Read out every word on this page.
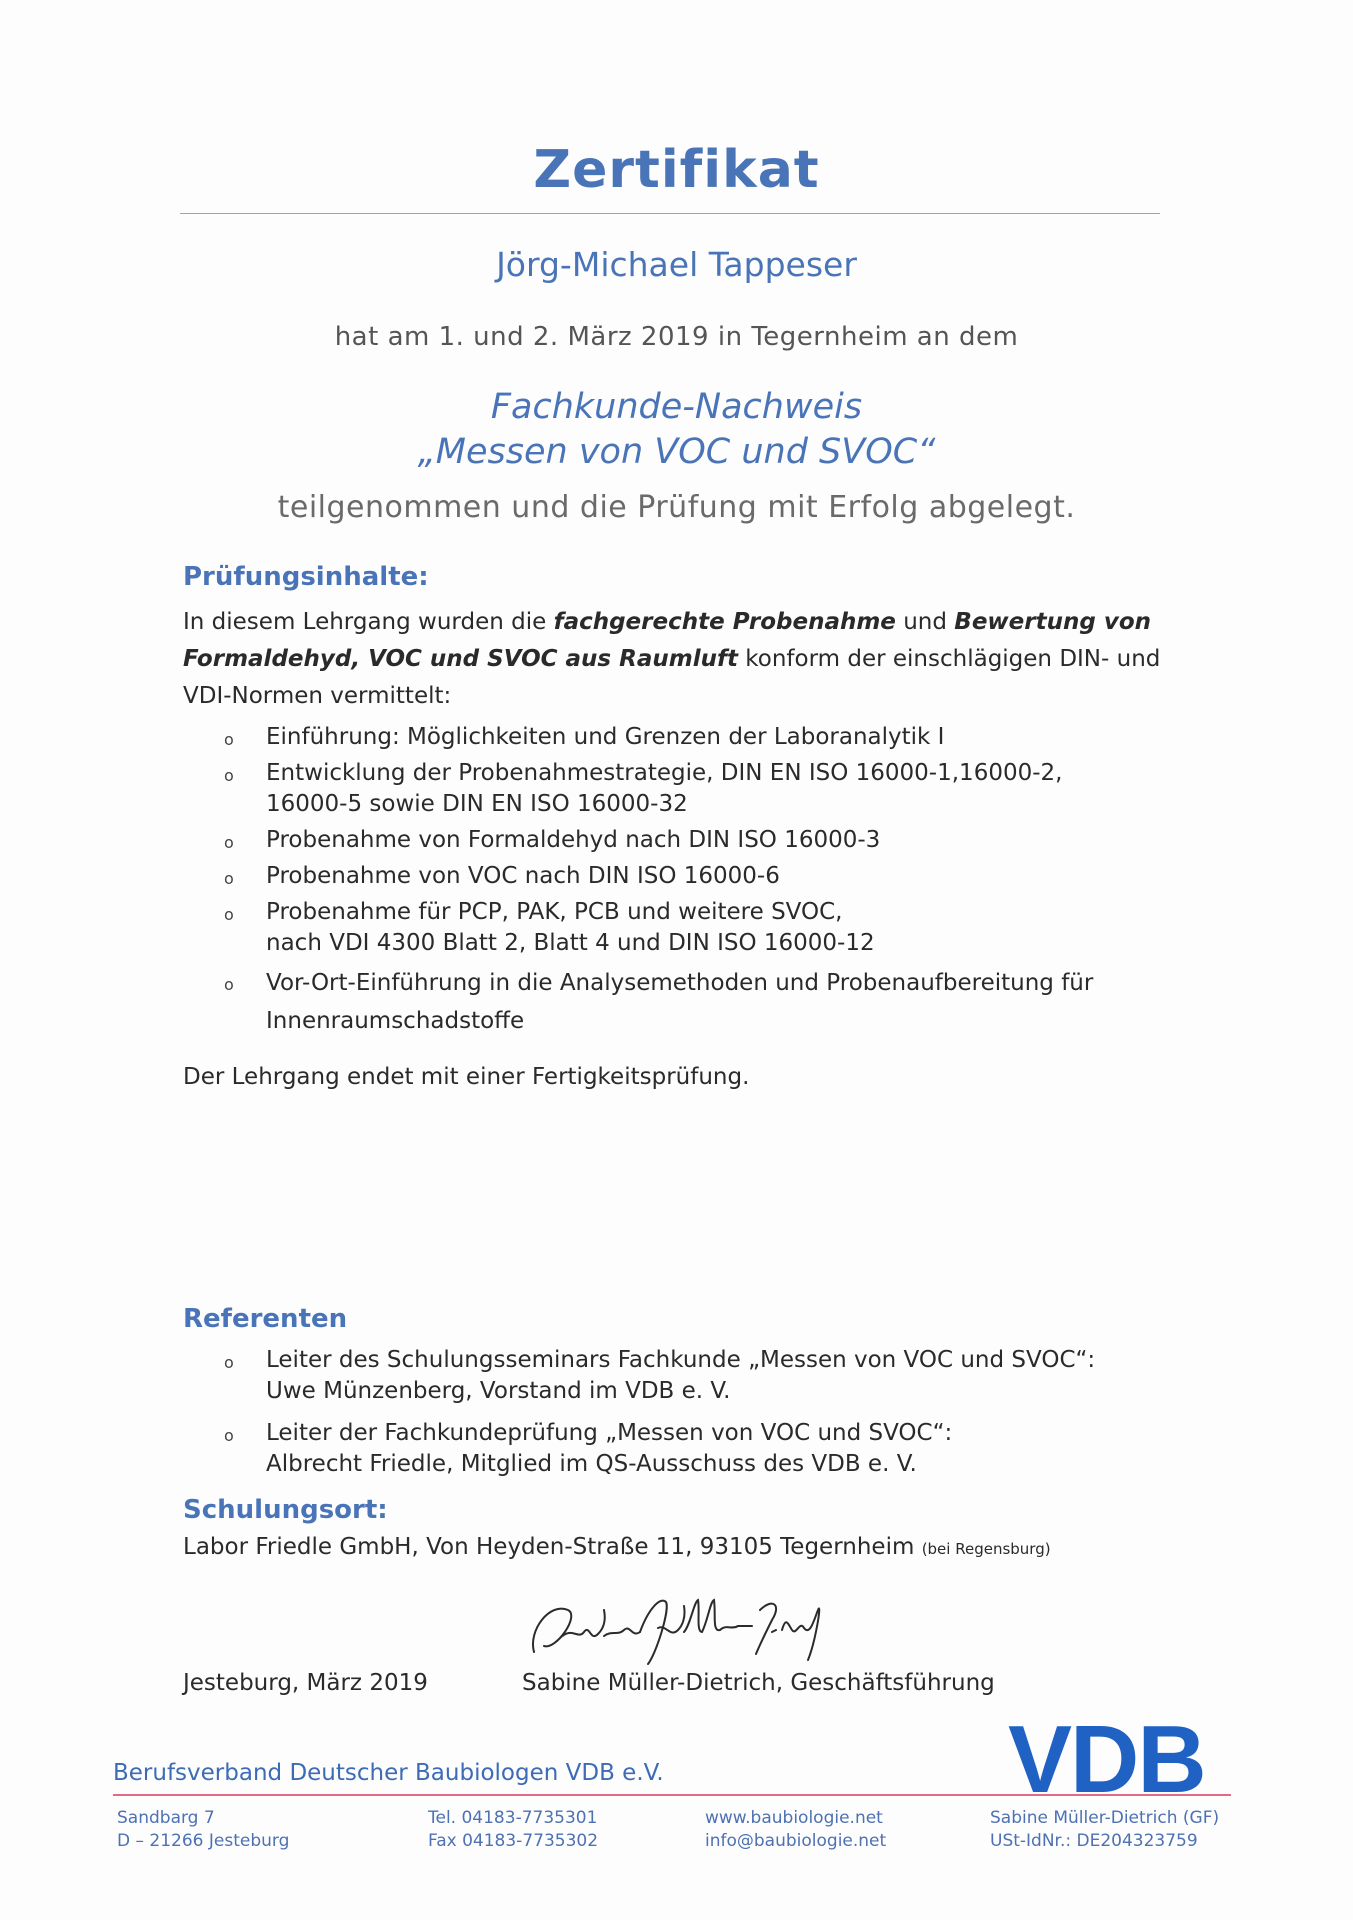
Zertifikat
Jörg-Michael Tappeser
hat am 1. und 2. März 2019 in Tegernheim an dem
Fachkunde-Nachweis
„Messen von VOC und SVOC“
teilgenommen und die Prüfung mit Erfolg abgelegt.
Prüfungsinhalte:
In diesem Lehrgang wurden die fachgerechte Probenahme und Bewertung von Formaldehyd, VOC und SVOC aus Raumluft konform der einschlägigen DIN- und VDI-Normen vermittelt:
o Einführung: Möglichkeiten und Grenzen der Laboranalytik I
o Entwicklung der Probenahmestrategie, DIN EN ISO 16000-1,16000-2,
16000-5 sowie DIN EN ISO 16000-32
o Probenahme von Formaldehyd nach DIN ISO 16000-3
o Probenahme von VOC nach DIN ISO 16000-6
o Probenahme für PCP, PAK, PCB und weitere SVOC,
nach VDI 4300 Blatt 2, Blatt 4 und DIN ISO 16000-12
o Vor-Ort-Einführung in die Analysemethoden und Probenaufbereitung für
Innenraumschadstoffe
Der Lehrgang endet mit einer Fertigkeitsprüfung.
Referenten
o Leiter des Schulungsseminars Fachkunde „Messen von VOC und SVOC“:
Uwe Münzenberg, Vorstand im VDB e. V.
o Leiter der Fachkundeprüfung „Messen von VOC und SVOC“:
Albrecht Friedle, Mitglied im QS-Ausschuss des VDB e. V.
Schulungsort:
Labor Friedle GmbH, Von Heyden-Straße 11, 93105 Tegernheim (bei Regensburg)
Jesteburg, März 2019	Sabine Müller-Dietrich, Geschäftsführung
VDB
Berufsverband Deutscher Baubiologen VDB e.V.
Sandbarg 7
D – 21266 Jesteburg
Tel. 04183-7735301
Fax 04183-7735302
www.baubiologie.net
info@baubiologie.net
Sabine Müller-Dietrich (GF)
USt-IdNr.: DE204323759
